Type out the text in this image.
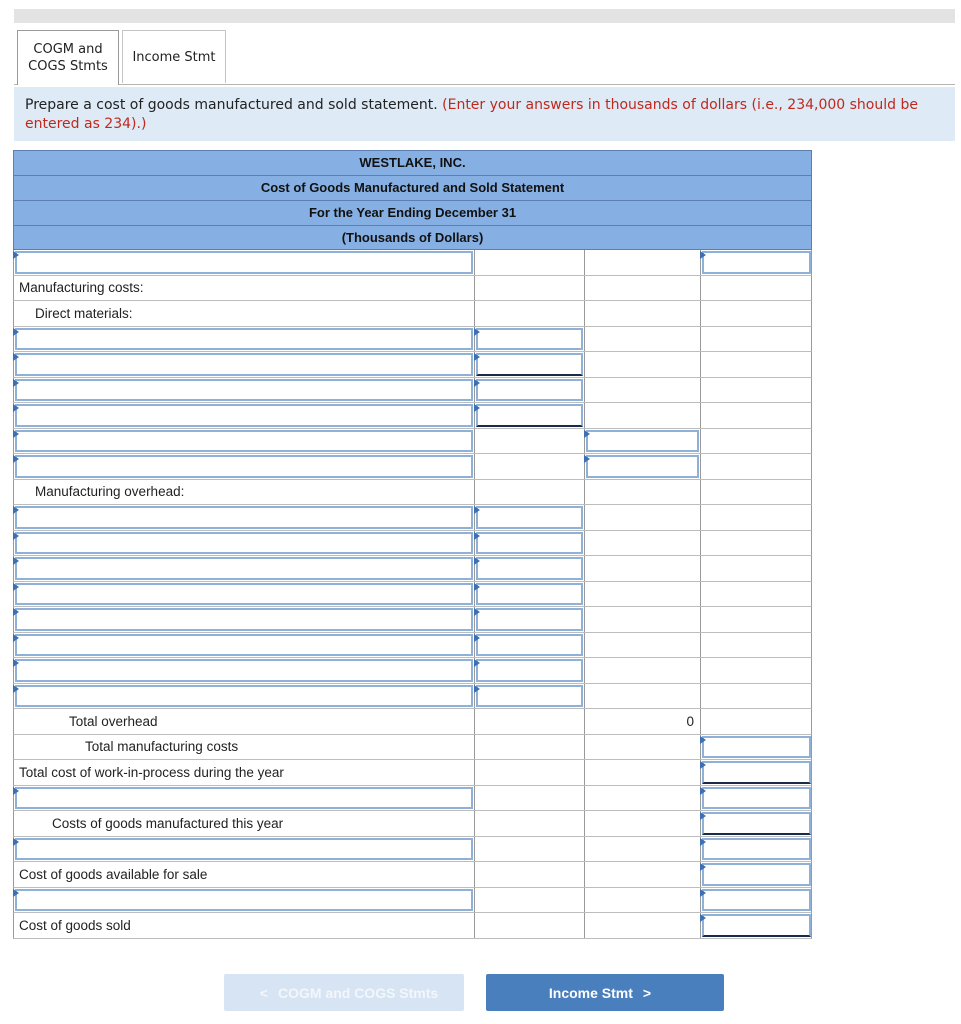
COGM and
COGS Stmts
Income Stmt
Prepare a cost of goods manufactured and sold statement. (Enter your answers in thousands of dollars (i.e., 234,000 should be entered as 234).)
WESTLAKE, INC.
Cost of Goods Manufactured and Sold Statement
For the Year Ending December 31
(Thousands of Dollars)
Manufacturing costs:
Direct materials:
Manufacturing overhead:
Total overhead	0
Total manufacturing costs
Total cost of work-in-process during the year
Costs of goods manufactured this year
Cost of goods available for sale
Cost of goods sold
< COGM and COGS Stmts	Income Stmt >
